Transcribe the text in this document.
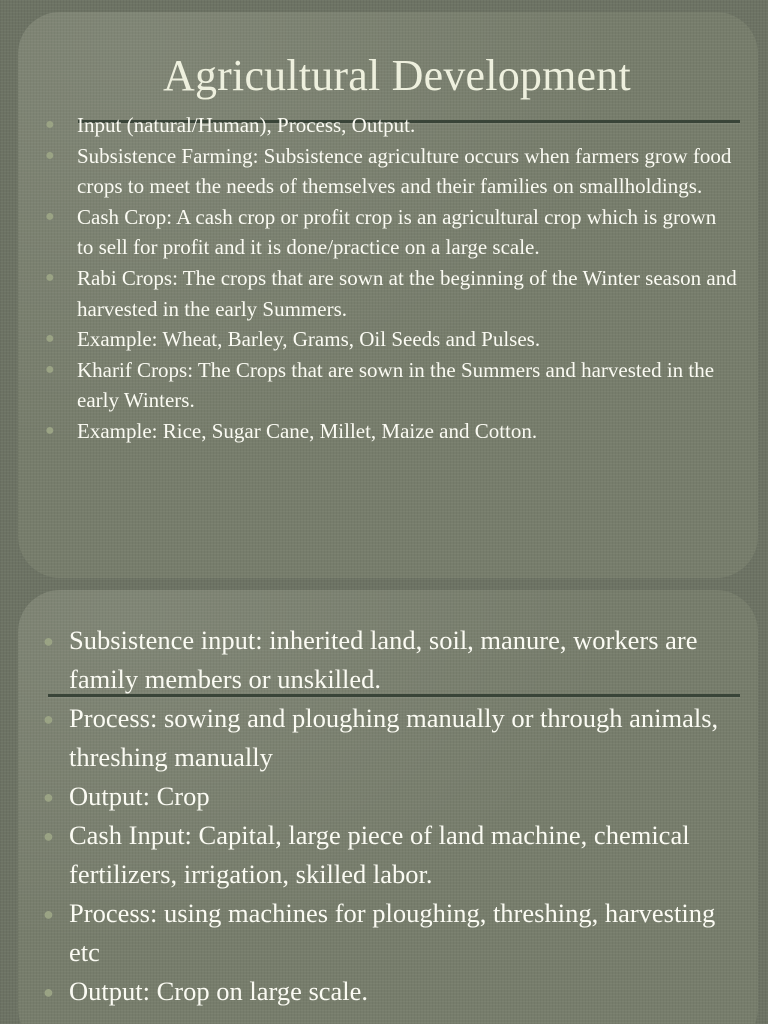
Agricultural Development
● Input (natural/Human), Process, Output.
● Subsistence Farming: Subsistence agriculture occurs when farmers grow food crops to meet the needs of themselves and their families on smallholdings.
● Cash Crop: A cash crop or profit crop is an agricultural crop which is grown to sell for profit and it is done/practice on a large scale.
● Rabi Crops: The crops that are sown at the beginning of the Winter season and harvested in the early Summers.
● Example: Wheat, Barley, Grams, Oil Seeds and Pulses.
● Kharif Crops: The Crops that are sown in the Summers and harvested in the early Winters.
● Example: Rice, Sugar Cane, Millet, Maize and Cotton.
● Subsistence input: inherited land, soil, manure, workers are family members or unskilled.
● Process: sowing and ploughing manually or through animals, threshing manually
● Output: Crop
● Cash Input: Capital, large piece of land machine, chemical fertilizers, irrigation, skilled labor.
● Process: using machines for ploughing, threshing, harvesting etc
● Output: Crop on large scale.
